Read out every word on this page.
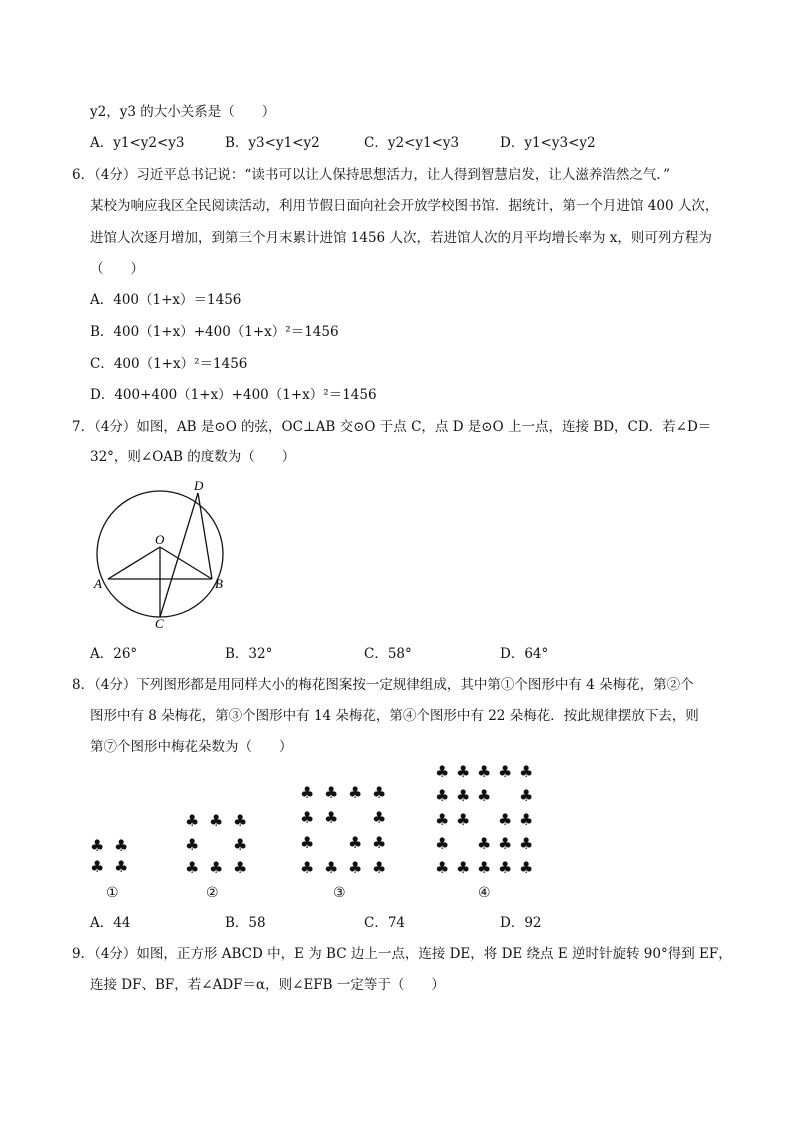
y2，y3 的大小关系是（　　）
A．y1<y2<y3	B．y3<y1<y2	C．y2<y1<y3	D．y1<y3<y2
6．（4分）习近平总书记说：“读书可以让人保持思想活力，让人得到智慧启发，让人滋养浩然之气．”
某校为响应我区全民阅读活动，利用节假日面向社会开放学校图书馆．据统计，第一个月进馆 400 人次，
进馆人次逐月增加，到第三个月末累计进馆 1456 人次，若进馆人次的月平均增长率为 x，则可列方程为
（　　）
A．400（1+x）＝1456
B．400（1+x）+400（1+x）²＝1456
C．400（1+x）²＝1456
D．400+400（1+x）+400（1+x）²＝1456
7．（4分）如图，AB 是⊙O 的弦，OC⊥AB 交⊙O 于点 C，点 D 是⊙O 上一点，连接 BD，CD．若∠D＝
32°，则∠OAB 的度数为（　　）
D
O
A	B
C
A．26°	B．32°	C．58°	D．64°
8．（4分）下列图形都是用同样大小的梅花图案按一定规律组成，其中第①个图形中有 4 朵梅花，第②个
图形中有 8 朵梅花，第③个图形中有 14 朵梅花，第④个图形中有 22 朵梅花．按此规律摆放下去，则
第⑦个图形中梅花朵数为（　　）
♣ ♣
♣ ♣
①
♣ ♣ ♣
♣ ♣
♣ ♣ ♣
②
♣ ♣ ♣ ♣
♣	♣
♣	♣
♣ ♣ ♣ ♣
♣
♣
③
♣ ♣ ♣ ♣ ♣
♣ ♣ ♣ ♣
♣ ♣	♣
♣	♣ ♣
♣ ♣ ♣ ♣ ♣
♣
♣
④
A．44	B．58	C．74	D．92
9．（4分）如图，正方形 ABCD 中，E 为 BC 边上一点，连接 DE，将 DE 绕点 E 逆时针旋转 90°得到 EF，
连接 DF、BF，若∠ADF＝α，则∠EFB 一定等于（　　）
